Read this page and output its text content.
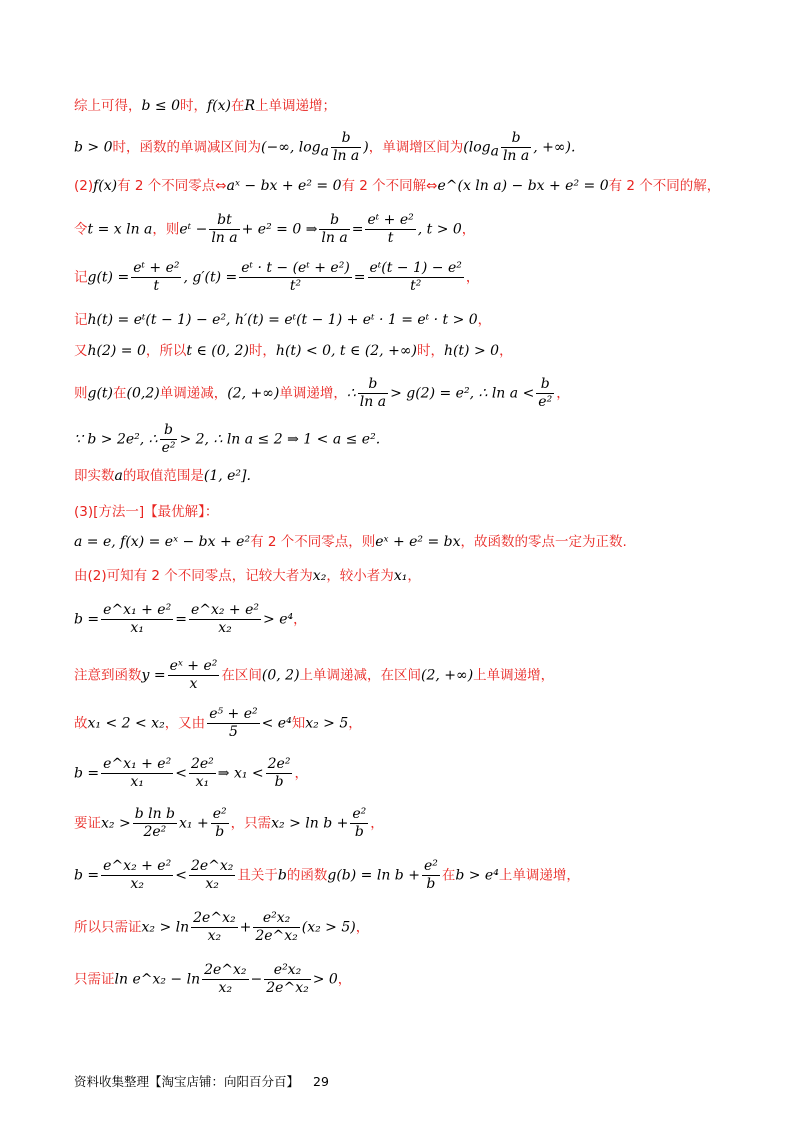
综上可得，b ≤ 0时，f(x)在R上单调递增；
b > 0时，函数的单调减区间为(−∞, $\log_a \frac{b}{\text{ln a}}$ )，单调增区间为($\log_a \frac{b}{\text{ln a}}$ , +∞).
(2)f(x)有 2 个不同零点⇔aˣ − bx + e² = 0有 2 个不同解⇔e^(x ln a) − bx + e² = 0有 2 个不同的解，
令t = x ln a，则eᵗ − $\frac{bt}{\text{ln a}} + e^2 = 0$ ⇒ $\frac{b}{\text{ln a}} = \frac{\text{eᵗ + e²}}{t}$ , t > 0，
记$g(t) = \frac{\text{eᵗ + e²}}{t}$ , $g'(t) = \frac{\text{eᵗ · t − (eᵗ + e²)}}{\text{t²}} = \frac{\text{eᵗ(t − 1) − e²}}{\text{t²}}$ ，
记h(t) = eᵗ(t − 1) − e², h′(t) = eᵗ(t − 1) + eᵗ · 1 = eᵗ · t > 0，
又h(2) = 0，所以t ∈ (0, 2)时，h(t) < 0, t ∈ (2, +∞)时，h(t) > 0，
则g(t)在(0,2)单调递减，(2, +∞)单调递增，∴ $\frac{b}{\text{ln a}} > g(2) = e^2$, ∴ $\ln a < \frac{b}{\text{e²}}$ ，
∵ b > 2e², ∴ $\frac{b}{\text{e²}} > 2$, ∴ ln a ≤ 2 ⇒ 1 < a ≤ e².
即实数a的取值范围是(1, e²].
(3)[方法一]【最优解】：
a = e, f(x) = eˣ − bx + e²有 2 个不同零点，则eˣ + e² = bx，故函数的零点一定为正数.
由(2)可知有 2 个不同零点，记较大者为x₂，较小者为x₁，
$b = \frac{\text{e\textasciicircum{}x₁ + e²}}{\text{x₁}} = \frac{\text{e\textasciicircum{}x₂ + e²}}{\text{x₂}} > e^4$，
注意到函数$y = \frac{\text{eˣ + e²}}{x}$ 在区间(0, 2)上单调递减，在区间(2, +∞)上单调递增，
故x₁ < 2 < x₂，又由 $\frac{\text{e⁵ + e²}}{5} < e^4$知x₂ > 5，
$b = \frac{\text{e\textasciicircum{}x₁ + e²}}{\text{x₁}} < \frac{\text{2e²}}{\text{x₁}}$ ⇒ $x_1 < \frac{\text{2e²}}{b}$ ，
要证$x_2 > \frac{\text{b ln b}}{\text{2e²}} x_1 + \frac{\text{e²}}{b}$ ，只需$x_2 > \ln b + \frac{\text{e²}}{b}$ ，
$b = \frac{\text{e\textasciicircum{}x₂ + e²}}{\text{x₂}} < \frac{\text{2e\textasciicircum{}x₂}}{\text{x₂}}$ 且关于b的函数$g(b) = \ln b + \frac{\text{e²}}{b}$ 在b > e⁴上单调递增，
所以只需证$x_2 > \ln \frac{\text{2e\textasciicircum{}x₂}}{\text{x₂}} + \frac{\text{e²x₂}}{\text{2e\textasciicircum{}x₂}} (x_2 > 5)$，
只需证ln e^x₂ − $\ln \frac{\text{2e\textasciicircum{}x₂}}{\text{x₂}} - \frac{\text{e²x₂}}{\text{2e\textasciicircum{}x₂}} > 0$，
资料收集整理【淘宝店铺：向阳百分百】 29
